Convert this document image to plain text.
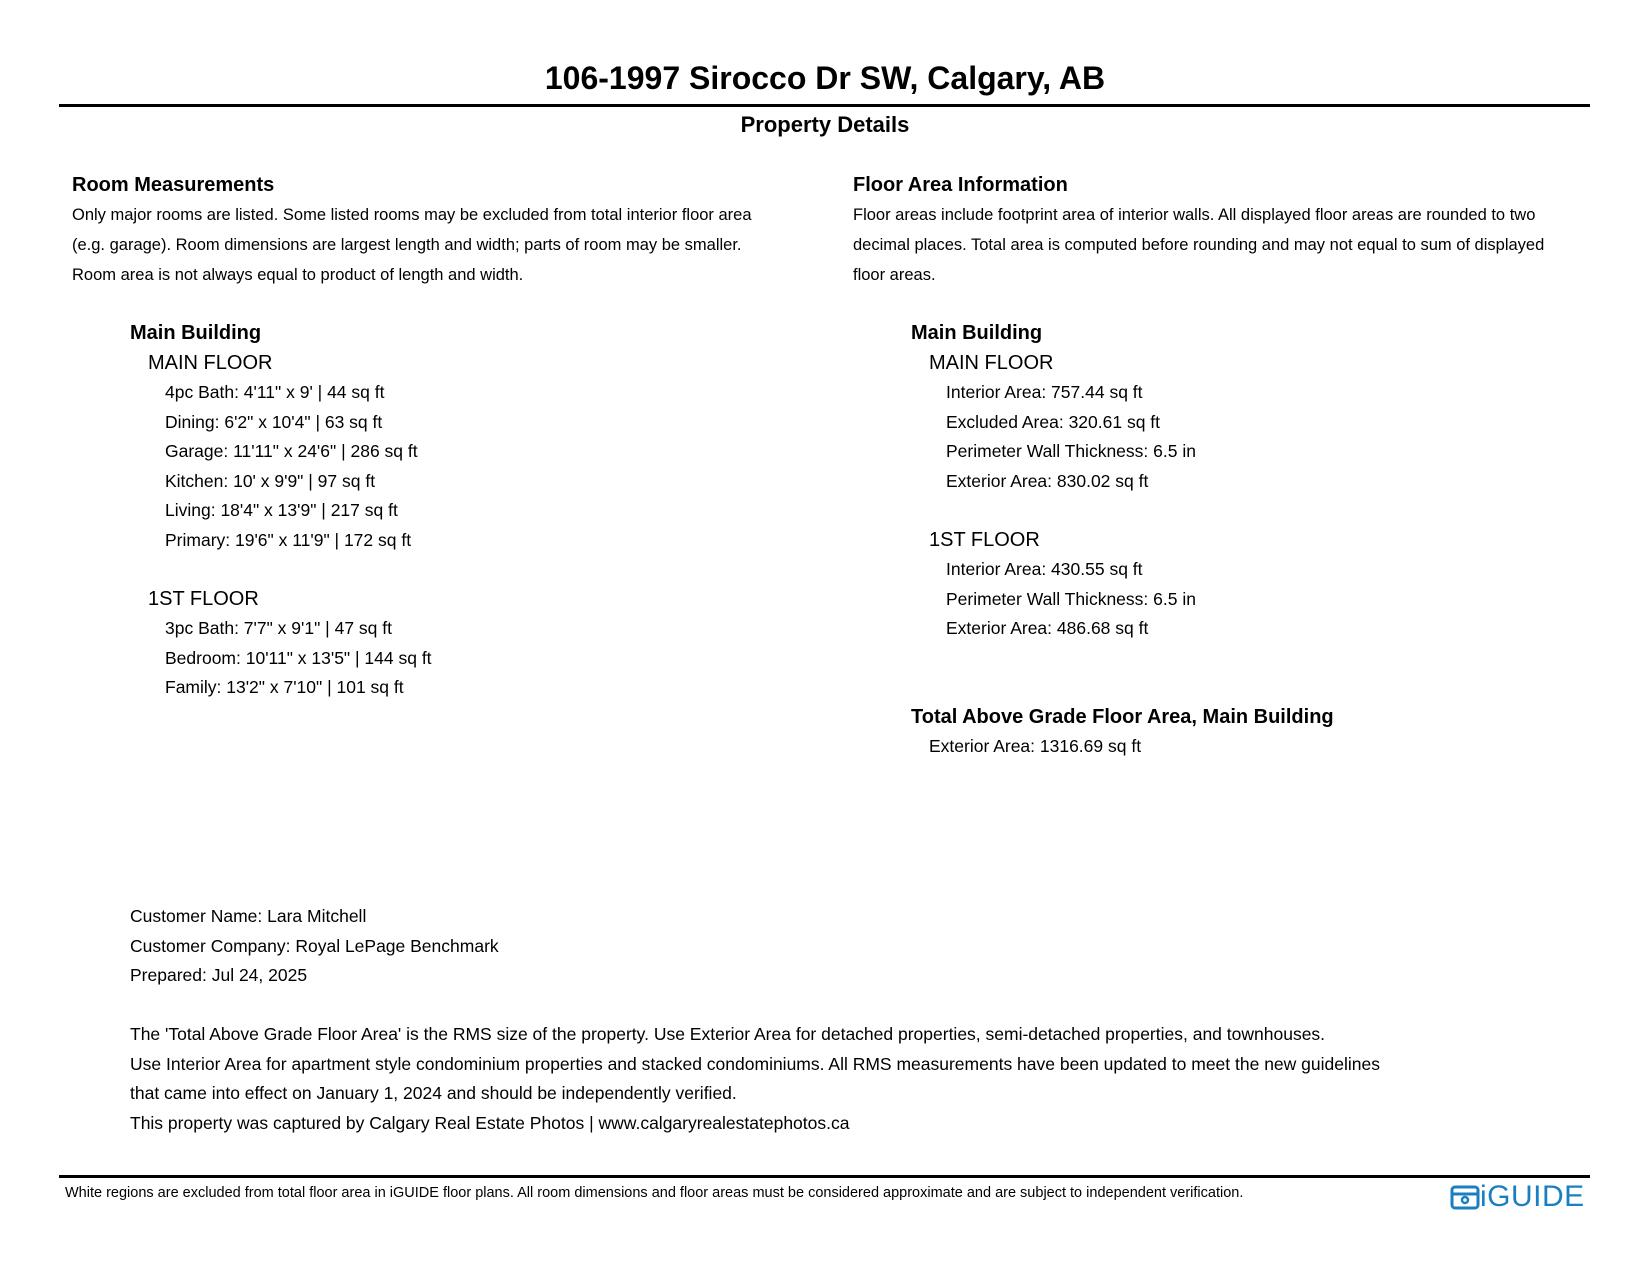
106-1997 Sirocco Dr SW, Calgary, AB
Property Details
Room Measurements

Only major rooms are listed. Some listed rooms may be excluded from total interior floor area

(e.g. garage). Room dimensions are largest length and width; parts of room may be smaller.

Room area is not always equal to product of length and width.

Main Building

MAIN FLOOR

4pc Bath: 4'11" x 9' | 44 sq ft

Dining: 6'2" x 10'4" | 63 sq ft

Garage: 11'11" x 24'6" | 286 sq ft

Kitchen: 10' x 9'9" | 97 sq ft

Living: 18'4" x 13'9" | 217 sq ft

Primary: 19'6" x 11'9" | 172 sq ft

1ST FLOOR

3pc Bath: 7'7" x 9'1" | 47 sq ft

Bedroom: 10'11" x 13'5" | 144 sq ft

Family: 13'2" x 7'10" | 101 sq ft

Floor Area Information

Floor areas include footprint area of interior walls. All displayed floor areas are rounded to two

decimal places. Total area is computed before rounding and may not equal to sum of displayed

floor areas.

Main Building

MAIN FLOOR

Interior Area: 757.44 sq ft

Excluded Area: 320.61 sq ft

Perimeter Wall Thickness: 6.5 in

Exterior Area: 830.02 sq ft

1ST FLOOR

Interior Area: 430.55 sq ft

Perimeter Wall Thickness: 6.5 in

Exterior Area: 486.68 sq ft

Total Above Grade Floor Area, Main Building

Exterior Area: 1316.69 sq ft

Customer Name: Lara Mitchell
Customer Company: Royal LePage Benchmark
Prepared: Jul 24, 2025
The 'Total Above Grade Floor Area' is the RMS size of the property. Use Exterior Area for detached properties, semi-detached properties, and townhouses.
Use Interior Area for apartment style condominium properties and stacked condominiums. All RMS measurements have been updated to meet the new guidelines
that came into effect on January 1, 2024 and should be independently verified.
This property was captured by Calgary Real Estate Photos | www.calgaryrealestatephotos.ca
White regions are excluded from total floor area in iGUIDE floor plans. All room dimensions and floor areas must be considered approximate and are subject to independent verification.	iGUIDE
